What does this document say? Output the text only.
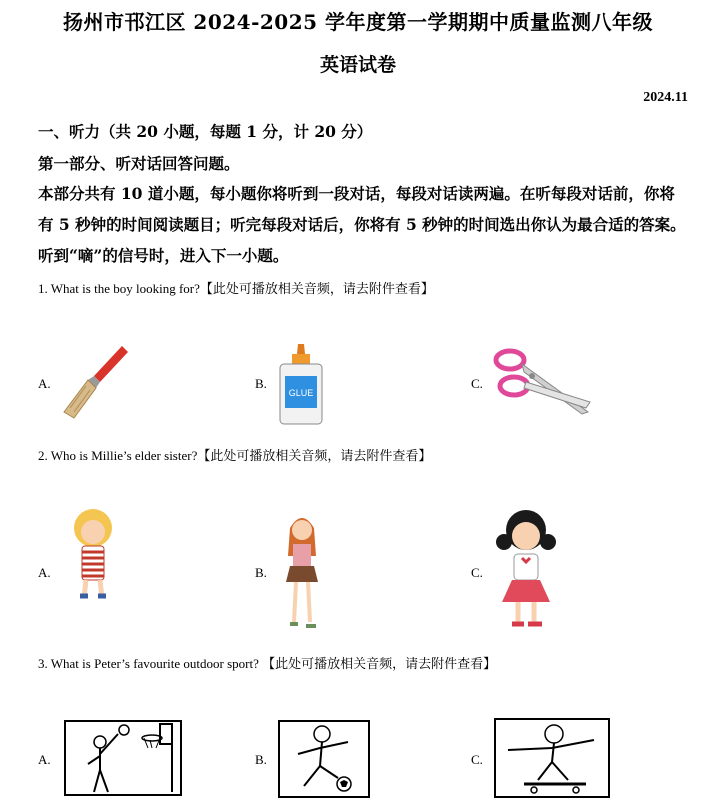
扬州市邗江区 2024-2025 学年度第一学期期中质量监测八年级
英语试卷
2024.11
一、听力（共 20 小题，每题 1 分，计 20 分）
第一部分、听对话回答问题。
本部分共有 10 道小题，每小题你将听到一段对话，每段对话读两遍。在听每段对话前，你将
有 5 秒钟的时间阅读题目；听完每段对话后，你将有 5 秒钟的时间选出你认为最合适的答案。
听到“嘀”的信号时，进入下一小题。
1. What is the boy looking for?【此处可播放相关音频，请去附件查看】
A.	B.	C.
GLUE
2. Who is Millie’s elder sister?【此处可播放相关音频，请去附件查看】
A.	B.	C.
3. What is Peter’s favourite outdoor sport? 【此处可播放相关音频，请去附件查看】
A.	B.	C.
